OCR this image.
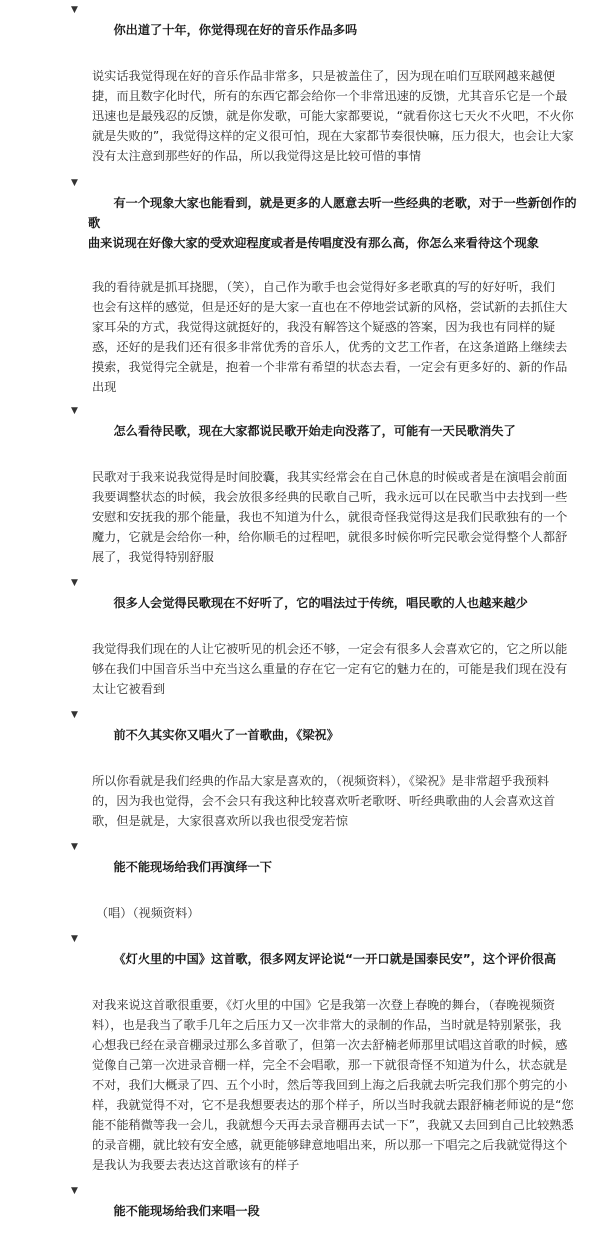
▼
你出道了十年，你觉得现在好的音乐作品多吗

说实话我觉得现在好的音乐作品非常多，只是被盖住了，因为现在咱们互联网越来越便
捷，而且数字化时代，所有的东西它都会给你一个非常迅速的反馈，尤其音乐它是一个最
迅速也是最残忍的反馈，就是你发歌，可能大家都要说，“就看你这七天火不火吧，不火你
就是失败的”，我觉得这样的定义很可怕，现在大家都节奏很快嘛，压力很大，也会让大家
没有太注意到那些好的作品，所以我觉得这是比较可惜的事情

▼
有一个现象大家也能看到，就是更多的人愿意去听一些经典的老歌，对于一些新创作的歌
曲来说现在好像大家的受欢迎程度或者是传唱度没有那么高，你怎么来看待这个现象

我的看待就是抓耳挠腮，（笑），自己作为歌手也会觉得好多老歌真的写的好好听，我们
也会有这样的感觉，但是还好的是大家一直也在不停地尝试新的风格，尝试新的去抓住大
家耳朵的方式，我觉得这就挺好的，我没有解答这个疑惑的答案，因为我也有同样的疑
惑，还好的是我们还有很多非常优秀的音乐人，优秀的文艺工作者，在这条道路上继续去
摸索，我觉得完全就是，抱着一个非常有希望的状态去看，一定会有更多好的、新的作品
出现

▼
怎么看待民歌，现在大家都说民歌开始走向没落了，可能有一天民歌消失了

民歌对于我来说我觉得是时间胶囊，我其实经常会在自己休息的时候或者是在演唱会前面
我要调整状态的时候，我会放很多经典的民歌自己听，我永远可以在民歌当中去找到一些
安慰和安抚我的那个能量，我也不知道为什么，就很奇怪我觉得这是我们民歌独有的一个
魔力，它就是会给你一种，给你顺毛的过程吧，就很多时候你听完民歌会觉得整个人都舒
展了，我觉得特别舒服

▼
很多人会觉得民歌现在不好听了，它的唱法过于传统，唱民歌的人也越来越少

我觉得我们现在的人让它被听见的机会还不够，一定会有很多人会喜欢它的，它之所以能
够在我们中国音乐当中充当这么重量的存在它一定有它的魅力在的，可能是我们现在没有
太让它被看到

▼
前不久其实你又唱火了一首歌曲，《梁祝》

所以你看就是我们经典的作品大家是喜欢的，（视频资料），《梁祝》是非常超乎我预料
的，因为我也觉得，会不会只有我这种比较喜欢听老歌呀、听经典歌曲的人会喜欢这首
歌，但是就是，大家很喜欢所以我也很受宠若惊

▼
能不能现场给我们再演绎一下

（唱）（视频资料）

▼
《灯火里的中国》这首歌，很多网友评论说“一开口就是国泰民安”，这个评价很高

对我来说这首歌很重要，《灯火里的中国》它是我第一次登上春晚的舞台，（春晚视频资
料），也是我当了歌手几年之后压力又一次非常大的录制的作品，当时就是特别紧张，我
心想我已经在录音棚录过那么多首歌了，但第一次去舒楠老师那里试唱这首歌的时候，感
觉像自己第一次进录音棚一样，完全不会唱歌，那一下就很奇怪不知道为什么，状态就是
不对，我们大概录了四、五个小时，然后等我回到上海之后我就去听完我们那个剪完的小
样，我就觉得不对，它不是我想要表达的那个样子，所以当时我就去跟舒楠老师说的是“您
能不能稍微等我一会儿，我就想今天再去录音棚再去试一下”，我就又去回到自己比较熟悉
的录音棚，就比较有安全感，就更能够肆意地唱出来，所以那一下唱完之后我就觉得这个
是我认为我要去表达这首歌该有的样子

▼
能不能现场给我们来唱一段
